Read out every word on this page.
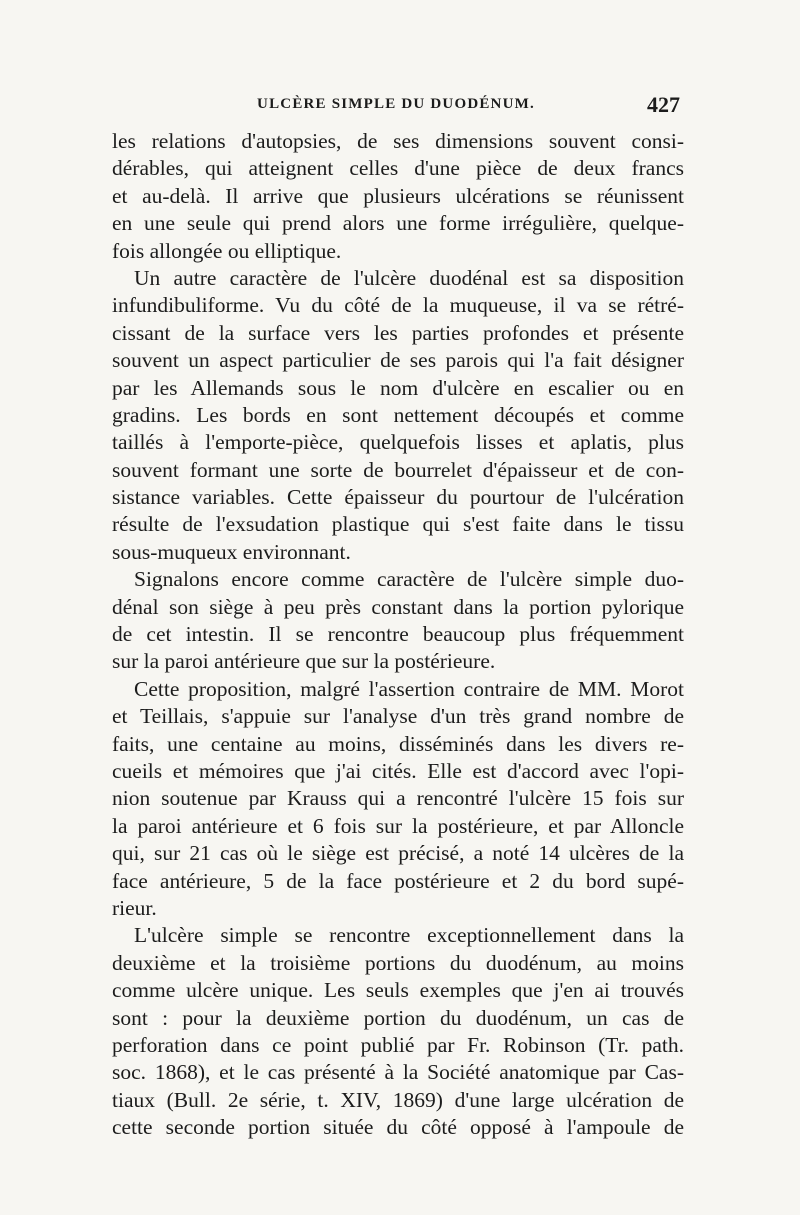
ULCÈRE SIMPLE DU DUODÉNUM.	427
les relations d'autopsies, de ses dimensions souvent consi-
dérables, qui atteignent celles d'une pièce de deux francs
et au-delà. Il arrive que plusieurs ulcérations se réunissent
en une seule qui prend alors une forme irrégulière, quelque-
fois allongée ou elliptique.
Un autre caractère de l'ulcère duodénal est sa disposition
infundibuliforme. Vu du côté de la muqueuse, il va se rétré-
cissant de la surface vers les parties profondes et présente
souvent un aspect particulier de ses parois qui l'a fait désigner
par les Allemands sous le nom d'ulcère en escalier ou en
gradins. Les bords en sont nettement découpés et comme
taillés à l'emporte-pièce, quelquefois lisses et aplatis, plus
souvent formant une sorte de bourrelet d'épaisseur et de con-
sistance variables. Cette épaisseur du pourtour de l'ulcération
résulte de l'exsudation plastique qui s'est faite dans le tissu
sous-muqueux environnant.
Signalons encore comme caractère de l'ulcère simple duo-
dénal son siège à peu près constant dans la portion pylorique
de cet intestin. Il se rencontre beaucoup plus fréquemment
sur la paroi antérieure que sur la postérieure.
Cette proposition, malgré l'assertion contraire de MM. Morot
et Teillais, s'appuie sur l'analyse d'un très grand nombre de
faits, une centaine au moins, disséminés dans les divers re-
cueils et mémoires que j'ai cités. Elle est d'accord avec l'opi-
nion soutenue par Krauss qui a rencontré l'ulcère 15 fois sur
la paroi antérieure et 6 fois sur la postérieure, et par Alloncle
qui, sur 21 cas où le siège est précisé, a noté 14 ulcères de la
face antérieure, 5 de la face postérieure et 2 du bord supé-
rieur.
L'ulcère simple se rencontre exceptionnellement dans la
deuxième et la troisième portions du duodénum, au moins
comme ulcère unique. Les seuls exemples que j'en ai trouvés
sont : pour la deuxième portion du duodénum, un cas de
perforation dans ce point publié par Fr. Robinson (Tr. path.
soc. 1868), et le cas présenté à la Société anatomique par Cas-
tiaux (Bull. 2e série, t. XIV, 1869) d'une large ulcération de
cette seconde portion située du côté opposé à l'ampoule de
